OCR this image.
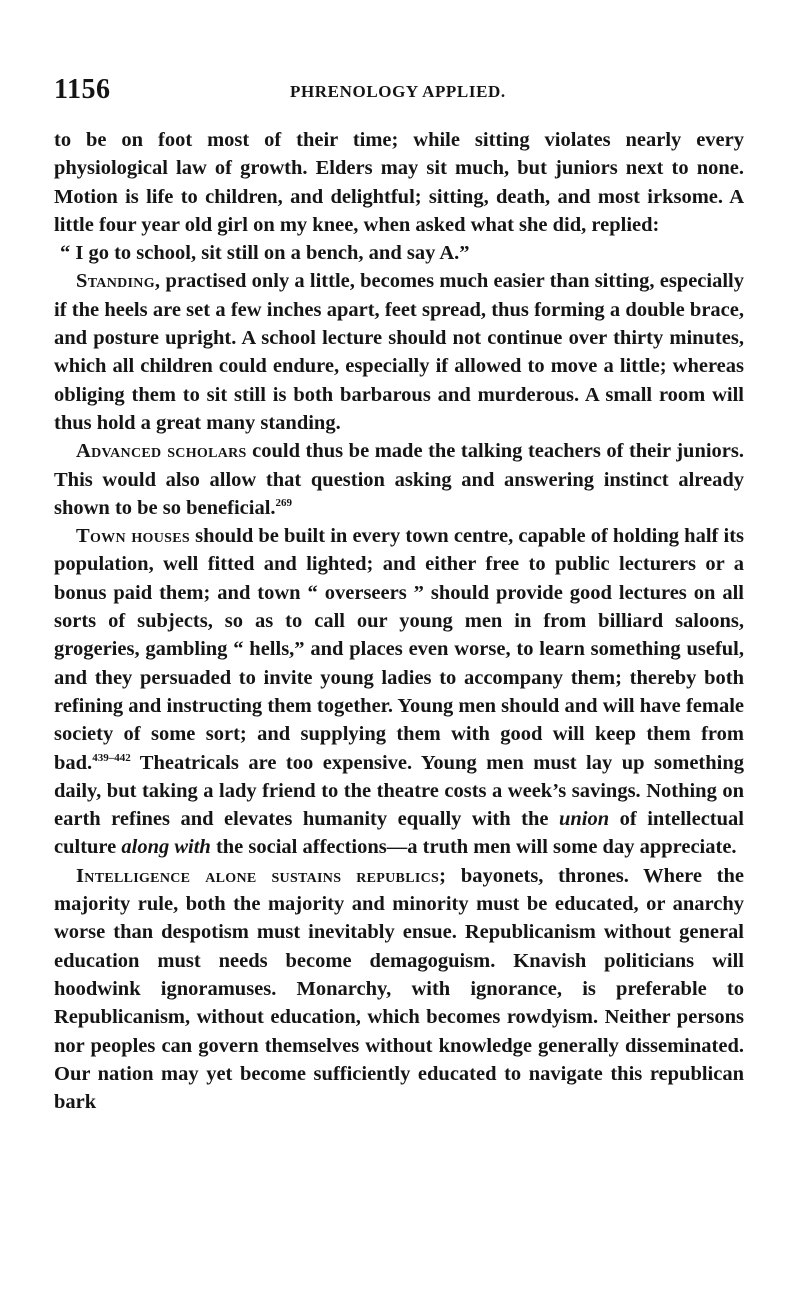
1156	PHRENOLOGY APPLIED.

to be on foot most of their time; while sitting violates nearly every physiological law of growth. Elders may sit much, but juniors next to none. Motion is life to children, and delightful; sitting, death, and most irksome. A little four year old girl on my knee, when asked what she did, replied:

“ I go to school, sit still on a bench, and say A.”

Standing, practised only a little, becomes much easier than sitting, especially if the heels are set a few inches apart, feet spread, thus forming a double brace, and posture upright. A school lecture should not continue over thirty minutes, which all children could endure, especially if allowed to move a little; whereas obliging them to sit still is both barbarous and murderous. A small room will thus hold a great many standing.

Advanced scholars could thus be made the talking teachers of their juniors. This would also allow that question asking and answering instinct already shown to be so beneficial.$^{269}$

Town houses should be built in every town centre, capable of holding half its population, well fitted and lighted; and either free to public lecturers or a bonus paid them; and town “ overseers ” should provide good lectures on all sorts of subjects, so as to call our young men in from billiard saloons, grogeries, gambling “ hells,” and places even worse, to learn something useful, and they persuaded to invite young ladies to accompany them; thereby both refining and instructing them together. Young men should and will have female society of some sort; and supplying them with good will keep them from bad.$^{439-442}$ Theatricals are too expensive. Young men must lay up something daily, but taking a lady friend to the theatre costs a week’s savings. Nothing on earth refines and elevates humanity equally with the union of intellectual culture along with the social affections—a truth men will some day appreciate.

Intelligence alone sustains republics; bayonets, thrones. Where the majority rule, both the majority and minority must be educated, or anarchy worse than despotism must inevitably ensue. Republicanism without general education must needs become demagoguism. Knavish politicians will hoodwink ignoramuses. Monarchy, with ignorance, is preferable to Republicanism, without education, which becomes rowdyism. Neither persons nor peoples can govern themselves without knowledge generally disseminated. Our nation may yet become sufficiently educated to navigate this republican bark
